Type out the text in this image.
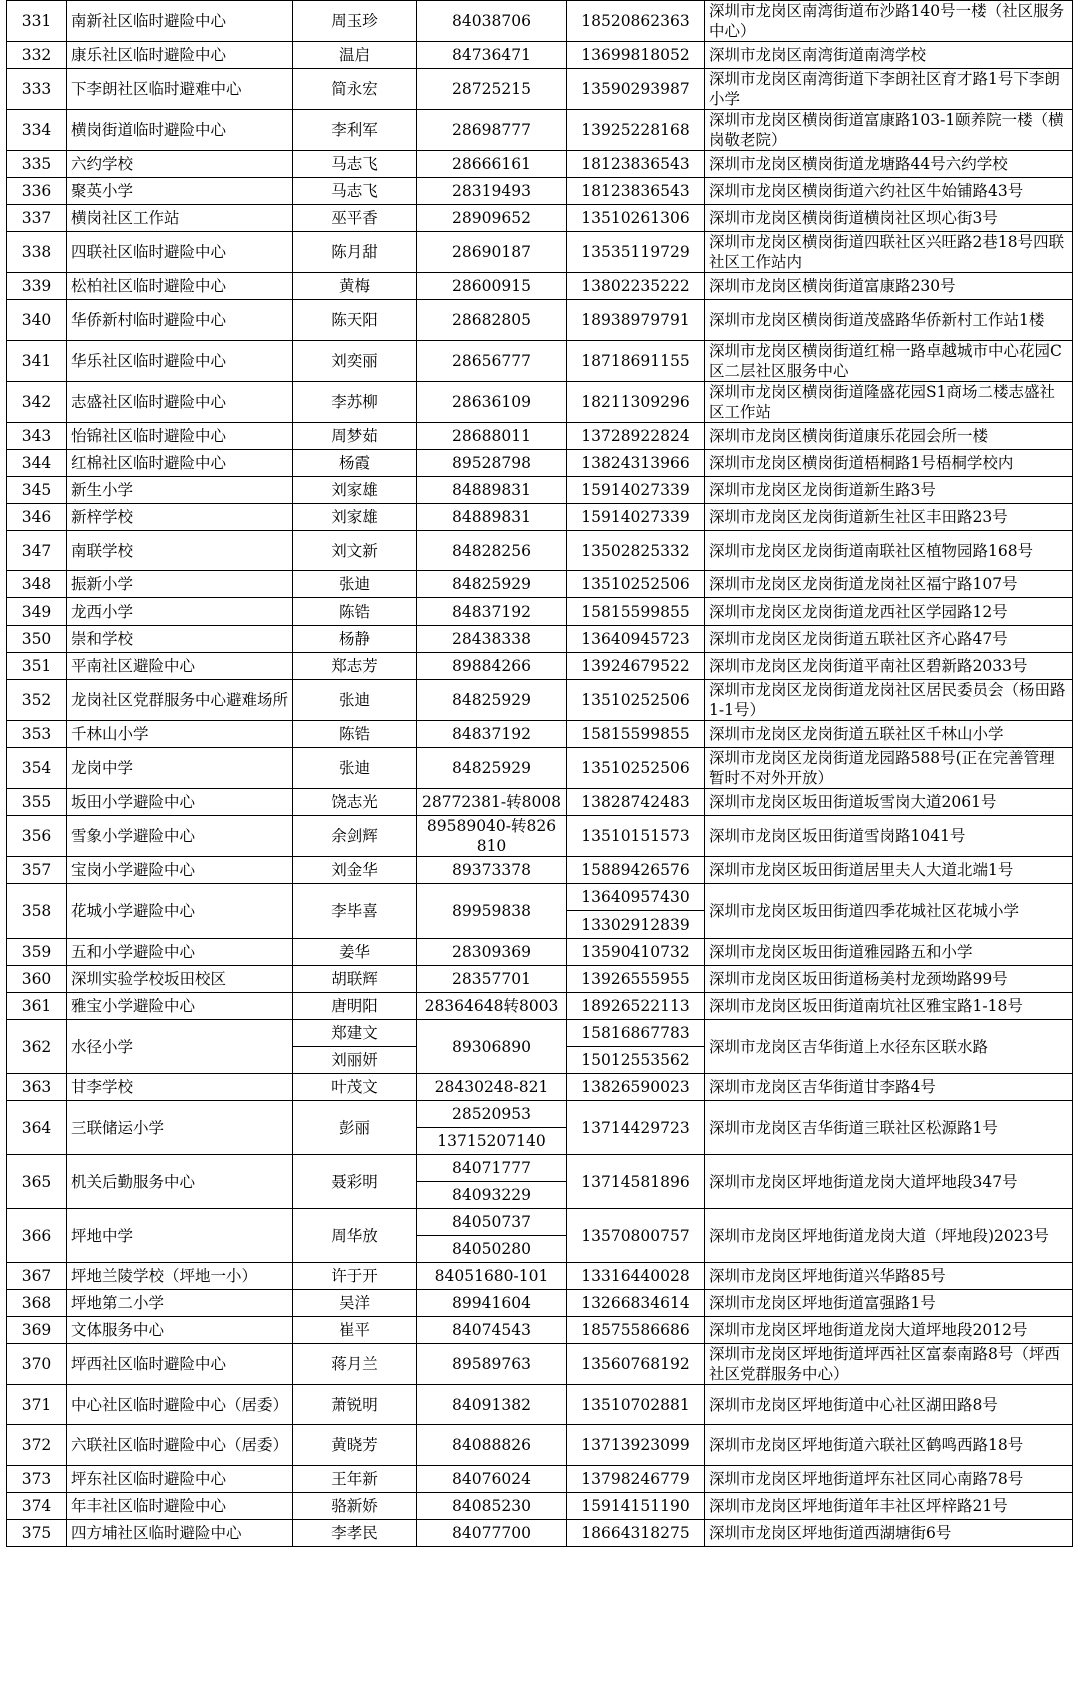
331	南新社区临时避险中心	周玉珍	84038706	18520862363	深圳市龙岗区南湾街道布沙路140号一楼（社区服务中心）
332	康乐社区临时避险中心	温启	84736471	13699818052	深圳市龙岗区南湾街道南湾学校
333	下李朗社区临时避难中心	简永宏	28725215	13590293987	深圳市龙岗区南湾街道下李朗社区育才路1号下李朗小学
334	横岗街道临时避险中心	李利军	28698777	13925228168	深圳市龙岗区横岗街道富康路103-1颐养院一楼（横岗敬老院）
335	六约学校	马志飞	28666161	18123836543	深圳市龙岗区横岗街道龙塘路44号六约学校
336	聚英小学	马志飞	28319493	18123836543	深圳市龙岗区横岗街道六约社区牛始铺路43号
337	横岗社区工作站	巫平香	28909652	13510261306	深圳市龙岗区横岗街道横岗社区坝心街3号
338	四联社区临时避险中心	陈月甜	28690187	13535119729	深圳市龙岗区横岗街道四联社区兴旺路2巷18号四联社区工作站内
339	松柏社区临时避险中心	黄梅	28600915	13802235222	深圳市龙岗区横岗街道富康路230号
340	华侨新村临时避险中心	陈天阳	28682805	18938979791	深圳市龙岗区横岗街道茂盛路华侨新村工作站1楼
341	华乐社区临时避险中心	刘奕丽	28656777	18718691155	深圳市龙岗区横岗街道红棉一路卓越城市中心花园C区二层社区服务中心
342	志盛社区临时避险中心	李苏柳	28636109	18211309296	深圳市龙岗区横岗街道隆盛花园S1商场二楼志盛社区工作站
343	怡锦社区临时避险中心	周梦茹	28688011	13728922824	深圳市龙岗区横岗街道康乐花园会所一楼
344	红棉社区临时避险中心	杨霞	89528798	13824313966	深圳市龙岗区横岗街道梧桐路1号梧桐学校内
345	新生小学	刘家雄	84889831	15914027339	深圳市龙岗区龙岗街道新生路3号
346	新梓学校	刘家雄	84889831	15914027339	深圳市龙岗区龙岗街道新生社区丰田路23号
347	南联学校	刘文新	84828256	13502825332	深圳市龙岗区龙岗街道南联社区植物园路168号
348	振新小学	张迪	84825929	13510252506	深圳市龙岗区龙岗街道龙岗社区福宁路107号
349	龙西小学	陈锆	84837192	15815599855	深圳市龙岗区龙岗街道龙西社区学园路12号
350	崇和学校	杨静	28438338	13640945723	深圳市龙岗区龙岗街道五联社区齐心路47号
351	平南社区避险中心	郑志芳	89884266	13924679522	深圳市龙岗区龙岗街道平南社区碧新路2033号
352	龙岗社区党群服务中心避难场所	张迪	84825929	13510252506	深圳市龙岗区龙岗街道龙岗社区居民委员会（杨田路1-1号）
353	千林山小学	陈锆	84837192	15815599855	深圳市龙岗区龙岗街道五联社区千林山小学
354	龙岗中学	张迪	84825929	13510252506	深圳市龙岗区龙岗街道龙园路588号(正在完善管理暂时不对外开放）
355	坂田小学避险中心	饶志光	28772381-转8008	13828742483	深圳市龙岗区坂田街道坂雪岗大道2061号
356	雪象小学避险中心	余剑辉	89589040-转826 810	13510151573	深圳市龙岗区坂田街道雪岗路1041号
357	宝岗小学避险中心	刘金华	89373378	15889426576	深圳市龙岗区坂田街道居里夫人大道北端1号
358	花城小学避险中心	李毕喜	89959838	13640957430	深圳市龙岗区坂田街道四季花城社区花城小学
				13302912839	
359	五和小学避险中心	姜华	28309369	13590410732	深圳市龙岗区坂田街道雅园路五和小学
360	深圳实验学校坂田校区	胡联辉	28357701	13926555955	深圳市龙岗区坂田街道杨美村龙颈坳路99号
361	雅宝小学避险中心	唐明阳	28364648转8003	18926522113	深圳市龙岗区坂田街道南坑社区雅宝路1-18号
362	水径小学	郑建文	89306890	15816867783	深圳市龙岗区吉华街道上水径东区联水路
		刘丽妍		15012553562	
363	甘李学校	叶茂文	28430248-821	13826590023	深圳市龙岗区吉华街道甘李路4号
364	三联储运小学	彭丽	28520953	13714429723	深圳市龙岗区吉华街道三联社区松源路1号
			13715207140		
365	机关后勤服务中心	聂彩明	84071777	13714581896	深圳市龙岗区坪地街道龙岗大道坪地段347号
			84093229		
366	坪地中学	周华放	84050737	13570800757	深圳市龙岗区坪地街道龙岗大道（坪地段)2023号
			84050280		
367	坪地兰陵学校（坪地一小）	许于开	84051680-101	13316440028	深圳市龙岗区坪地街道兴华路85号
368	坪地第二小学	吴洋	89941604	13266834614	深圳市龙岗区坪地街道富强路1号
369	文体服务中心	崔平	84074543	18575586686	深圳市龙岗区坪地街道龙岗大道坪地段2012号
370	坪西社区临时避险中心	蒋月兰	89589763	13560768192	深圳市龙岗区坪地街道坪西社区富泰南路8号（坪西社区党群服务中心）
371	中心社区临时避险中心（居委）	萧锐明	84091382	13510702881	深圳市龙岗区坪地街道中心社区湖田路8号
372	六联社区临时避险中心（居委）	黄晓芳	84088826	13713923099	深圳市龙岗区坪地街道六联社区鹤鸣西路18号
373	坪东社区临时避险中心	王年新	84076024	13798246779	深圳市龙岗区坪地街道坪东社区同心南路78号
374	年丰社区临时避险中心	骆新娇	84085230	15914151190	深圳市龙岗区坪地街道年丰社区坪梓路21号
375	四方埔社区临时避险中心	李孝民	84077700	18664318275	深圳市龙岗区坪地街道西湖塘街6号
